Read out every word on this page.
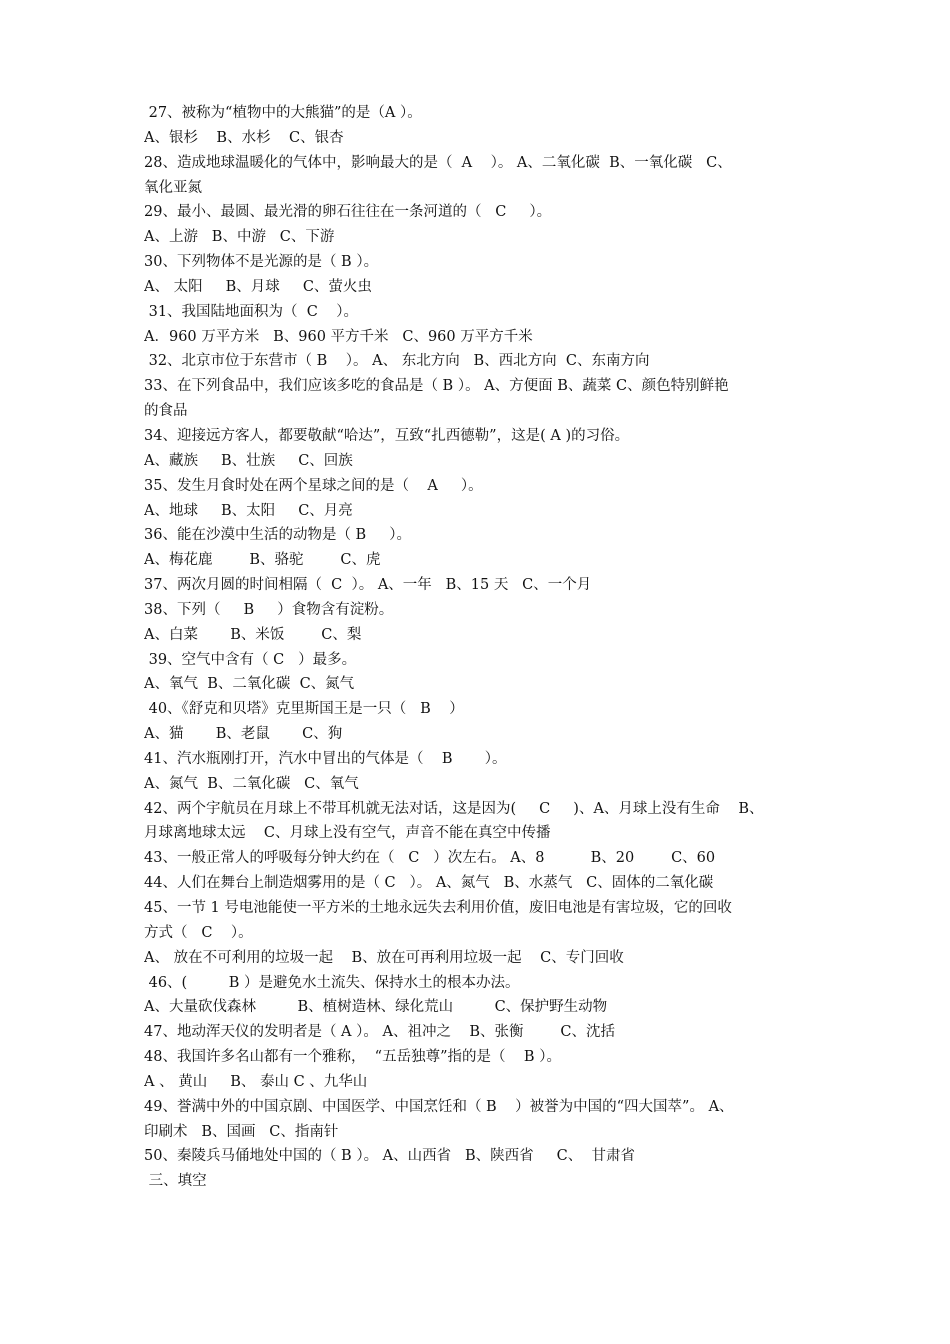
27、被称为“植物中的大熊猫”的是（A ）。
A、银杉    B、水杉    C、银杏
28、造成地球温暖化的气体中，影响最大的是（  A    ）。 A、二氧化碳  B、一氧化碳   C、
氧化亚氮
29、最小、最圆、最光滑的卵石往往在一条河道的（   C     ）。
A、上游   B、中游   C、下游
30、下列物体不是光源的是（ B ）。
A、 太阳     B、月球     C、萤火虫
31、我国陆地面积为（  C    ）。
A．960 万平方米   B、960 平方千米   C、960 万平方千米
32、北京市位于东营市（ B    ）。 A、 东北方向   B、西北方向  C、东南方向
33、在下列食品中，我们应该多吃的食品是（ B ）。 A、方便面 B、蔬菜 C、颜色特别鲜艳
的食品
34、迎接远方客人，都要敬献“哈达”，互致“扎西德勒”，这是( A )的习俗。
A、藏族     B、壮族     C、回族
35、发生月食时处在两个星球之间的是（    A     ）。
A、地球     B、太阳     C、月亮
36、能在沙漠中生活的动物是（ B     ）。
A、梅花鹿        B、骆驼        C、虎
37、两次月圆的时间相隔（  C  ）。 A、一年   B、15 天   C、一个月
38、下列（     B     ）食物含有淀粉。
A、白菜       B、米饭        C、梨
39、空气中含有（ C   ）最多。
A、氧气  B、二氧化碳  C、氮气
40、《舒克和贝塔》克里斯国王是一只（   B    ）
A、猫       B、老鼠       C、狗
41、汽水瓶刚打开，汽水中冒出的气体是（    B       ）。
A、氮气  B、二氧化碳   C、氧气
42、两个宇航员在月球上不带耳机就无法对话，这是因为(     C     )、A、月球上没有生命    B、
月球离地球太远    C、月球上没有空气，声音不能在真空中传播
43、一般正常人的呼吸每分钟大约在（   C   ）次左右。 A、8          B、20        C、60
44、人们在舞台上制造烟雾用的是（ C   ）。 A、氮气   B、水蒸气   C、固体的二氧化碳
45、一节 1 号电池能使一平方米的土地永远失去利用价值，废旧电池是有害垃圾，它的回收
方式（   C    ）。
A、 放在不可利用的垃圾一起    B、放在可再利用垃圾一起    C、专门回收
46、(         B ）是避免水土流失、保持水土的根本办法。
A、大量砍伐森林         B、植树造林、绿化荒山         C、保护野生动物
47、地动浑天仪的发明者是（ A ）。 A、祖冲之    B、张衡        C、沈括
48、我国许多名山都有一个雅称，  “五岳独尊”指的是（    B ）。
A 、 黄山     B、 泰山 C 、九华山
49、誉满中外的中国京剧、中国医学、中国烹饪和（ B    ）被誉为中国的“四大国萃”。 A、
印刷术   B、国画   C、指南针
50、秦陵兵马俑地处中国的（ B ）。 A、山西省   B、陕西省     C、  甘肃省
三、填空
